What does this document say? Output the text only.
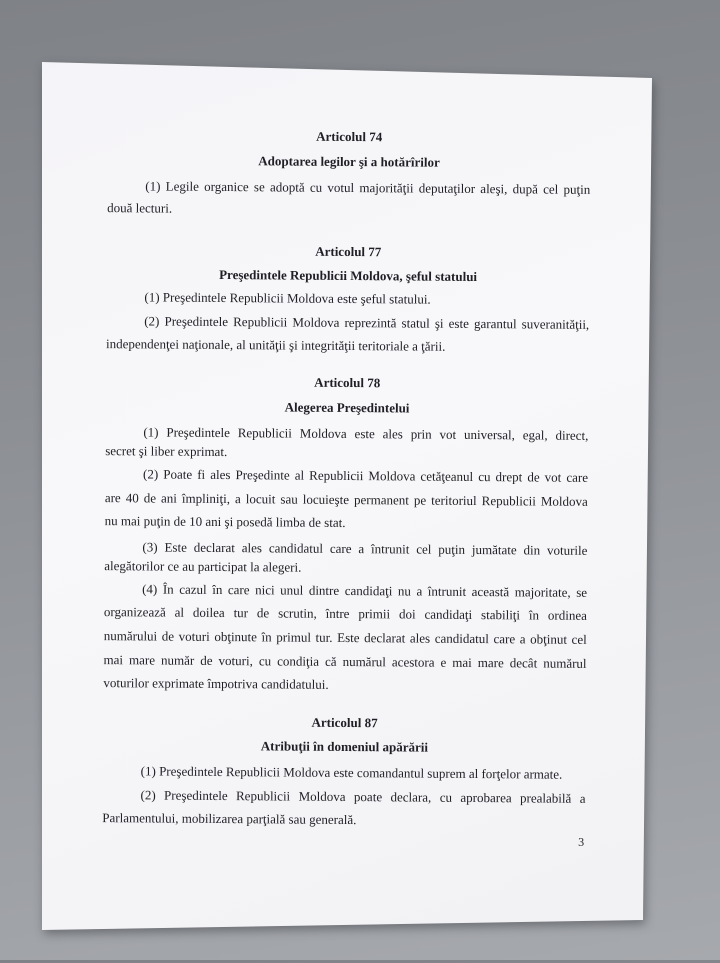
Articolul 74
Adoptarea legilor şi a hotărîrilor
(1) Legile organice se adoptă cu votul majorităţii deputaţilor aleşi, după cel puţin
două lecturi.
Articolul 77
Preşedintele Republicii Moldova, şeful statului
(1) Preşedintele Republicii Moldova este şeful statului.
(2) Preşedintele Republicii Moldova reprezintă statul şi este garantul suveranităţii,
independenţei naţionale, al unităţii şi integrităţii teritoriale a ţării.
Articolul 78
Alegerea Preşedintelui
(1) Preşedintele Republicii Moldova este ales prin vot universal, egal, direct,
secret şi liber exprimat.
(2) Poate fi ales Preşedinte al Republicii Moldova cetăţeanul cu drept de vot care
are 40 de ani împliniţi, a locuit sau locuieşte permanent pe teritoriul Republicii Moldova
nu mai puţin de 10 ani şi posedă limba de stat.
(3) Este declarat ales candidatul care a întrunit cel puţin jumătate din voturile
alegătorilor ce au participat la alegeri.
(4) În cazul în care nici unul dintre candidaţi nu a întrunit această majoritate, se
organizează al doilea tur de scrutin, între primii doi candidaţi stabiliţi în ordinea
numărului de voturi obţinute în primul tur. Este declarat ales candidatul care a obţinut cel
mai mare număr de voturi, cu condiţia că numărul acestora e mai mare decât numărul
voturilor exprimate împotriva candidatului.
Articolul 87
Atribuţii în domeniul apărării
(1) Preşedintele Republicii Moldova este comandantul suprem al forţelor armate.
(2) Preşedintele Republicii Moldova poate declara, cu aprobarea prealabilă a
Parlamentului, mobilizarea parţială sau generală.
3
